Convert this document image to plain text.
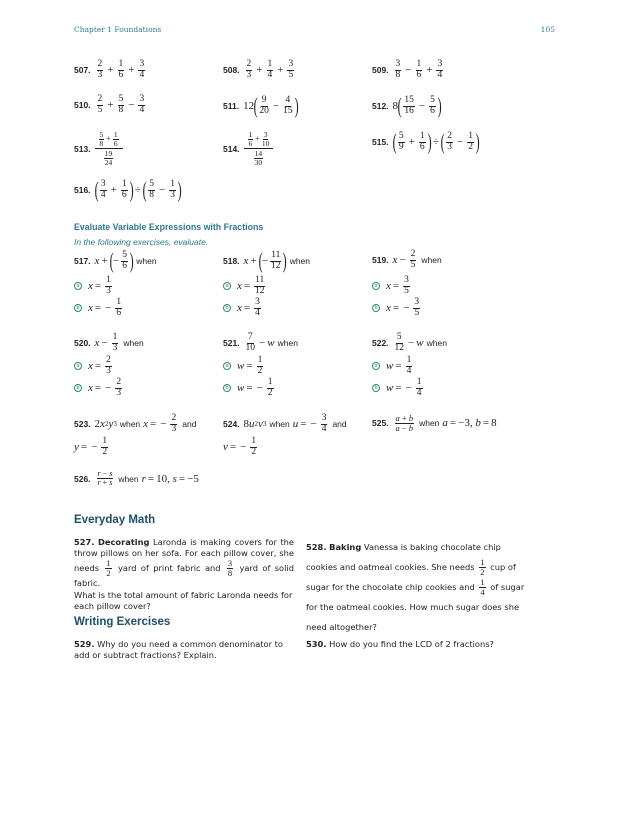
Chapter 1 Foundations	105
507.
2
$3 + \frac{1}{6} + \frac{3}{4}$	508.
2
$3 + \frac{1}{4} + \frac{3}{5}$	509.
3
$8 - \frac{1}{6} + \frac{3}{4}$
510.
2
$5 + \frac{5}{8} - \frac{3}{4}$	511. 12 ( 9
$20 - \frac{4}{15}$ )	512. 8 ( 15
$16 - \frac{5}{6}$ )
513.
5
8
+ $\frac{1}{6}$
19
24
514.
1
6
+ $\frac{3}{10}$
14
30
515. ( 5
$9 + \frac{1}{6}$ ) ÷ ( 2
$3 - \frac{1}{2}$ )
516. ( 3
$4 + \frac{1}{6}$ ) ÷ ( 5
$8 - \frac{1}{3}$ )
Evaluate Variable Expressions with Fractions
In the following exercises, evaluate.
517. x + ( −
5
6 ) when
a $x = \frac{1}{3}$
b x = − $\frac{1}{6}$
518. x + ( −
11
12 ) when
a $x = \frac{11}{12}$
b $x = \frac{3}{4}$
519. $x - \frac{2}{5}$ when
a $x = \frac{3}{5}$
b x = − $\frac{3}{5}$
520. $x - \frac{1}{3}$ when
a $x = \frac{2}{3}$
b x = − $\frac{2}{3}$
521.
7
10 − w when
a $w = \frac{1}{2}$
b w = − $\frac{1}{2}$
522.
5
12 − w when
a $w = \frac{1}{4}$
b w = − $\frac{1}{4}$
523. 2 x 2 y 3 when x = − $\frac{2}{3}$ and
y = − $\frac{1}{2}$
524. 8 u 2 v 3 when u = − $\frac{3}{4}$ and
v = − $\frac{1}{2}$
525.
a + b
a − b when a = −3, b = 8
526.
r − s
r + s when r = 10, s = −5
Everyday Math
527. Decorating Laronda is making covers for the throw pillows on her sofa. For each pillow cover, she needs $\frac{1}{2}$ yard of print fabric and $\frac{3}{8}$ yard of solid fabric.
What is the total amount of fabric Laronda needs for each pillow cover?
528. Baking Vanessa is baking chocolate chip cookies and oatmeal cookies. She needs $\frac{1}{2}$ cup of sugar for the chocolate chip cookies and $\frac{1}{4}$ of sugar for the oatmeal cookies. How much sugar does she need altogether?
Writing Exercises
529. Why do you need a common denominator to add or subtract fractions? Explain.
530. How do you find the LCD of 2 fractions?
